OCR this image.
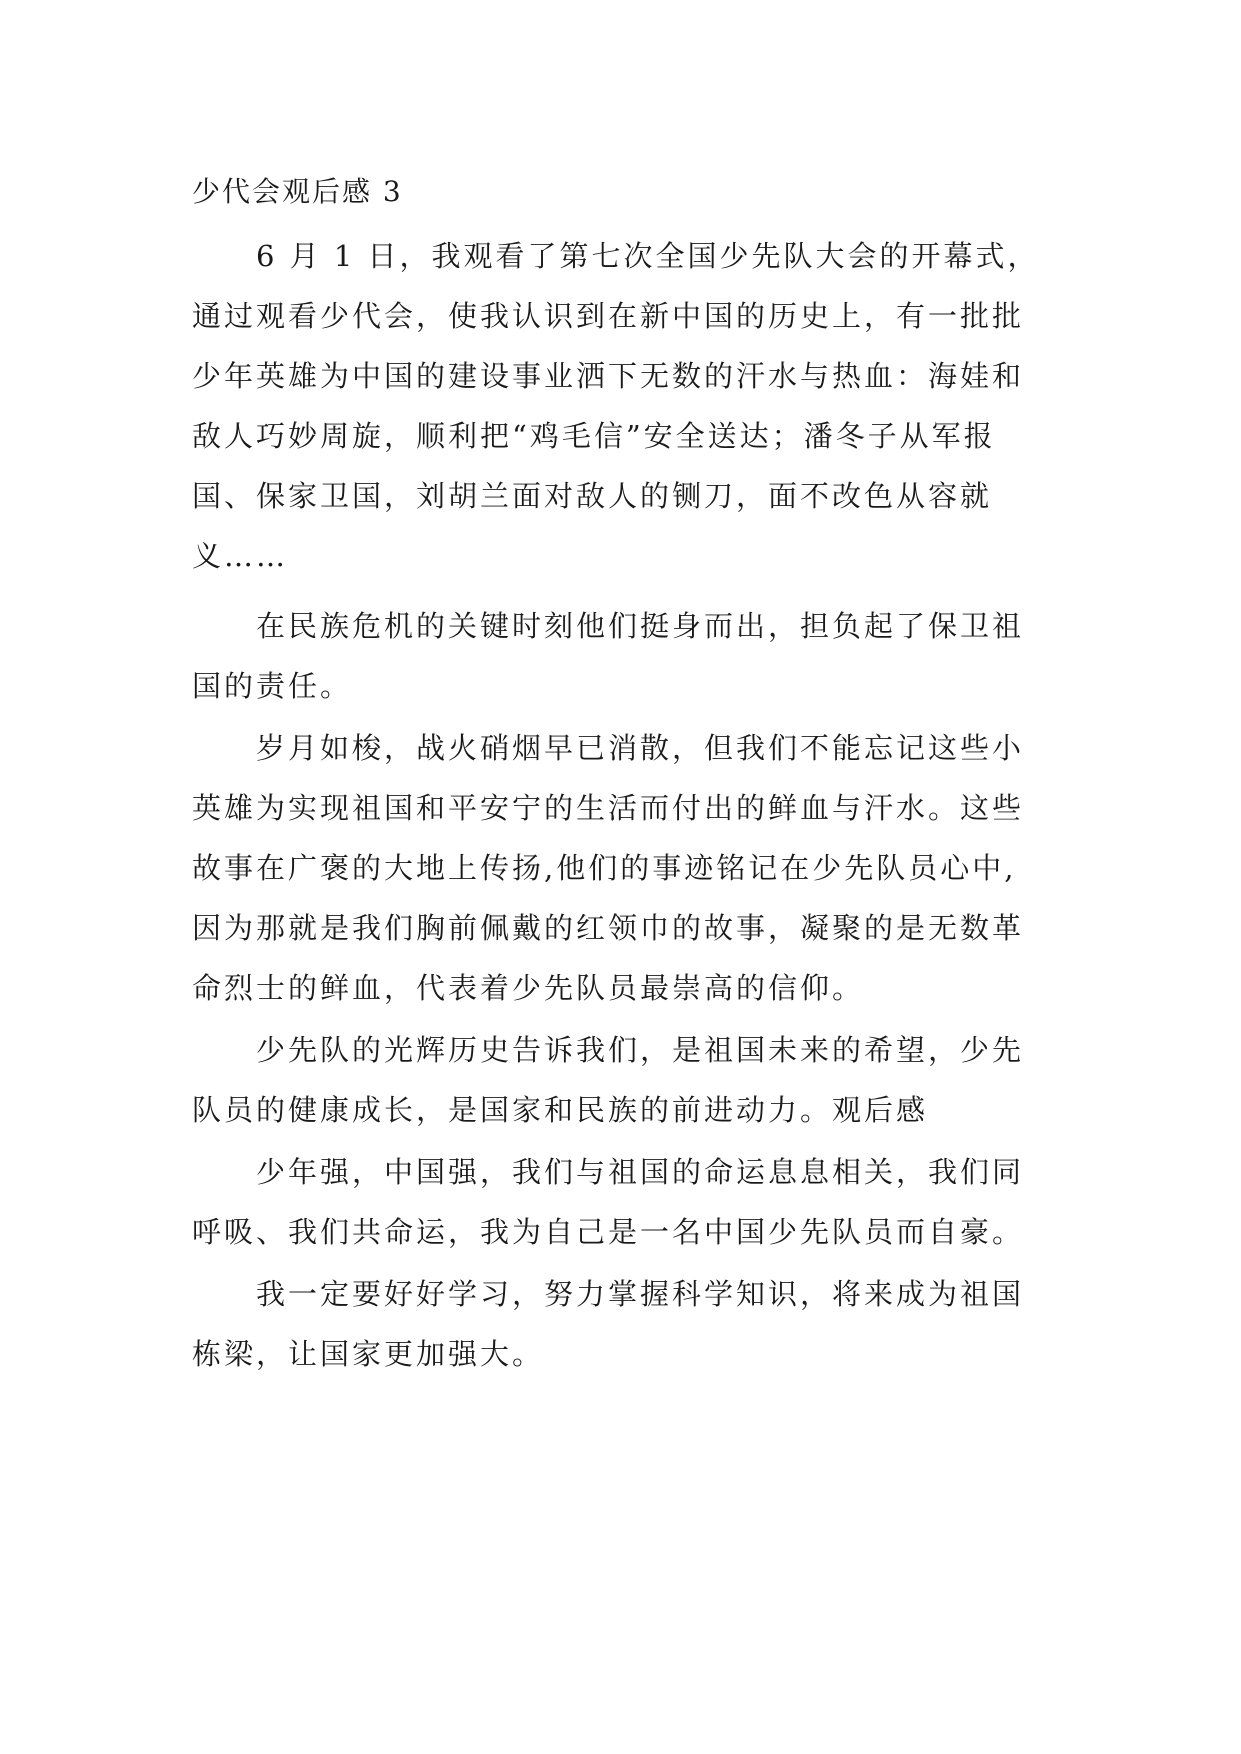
少代会观后感 3
6 月 1 日，我观看了第七次全国少先队大会的开幕式，
通过观看少代会，使我认识到在新中国的历史上，有一批批
少年英雄为中国的建设事业洒下无数的汗水与热血：海娃和
敌人巧妙周旋，顺利把“鸡毛信”安全送达；潘冬子从军报
国、保家卫国，刘胡兰面对敌人的铡刀，面不改色从容就
义……
在民族危机的关键时刻他们挺身而出，担负起了保卫祖
国的责任。
岁月如梭，战火硝烟早已消散，但我们不能忘记这些小
英雄为实现祖国和平安宁的生活而付出的鲜血与汗水。这些
故事在广褒的大地上传扬,他们的事迹铭记在少先队员心中,
因为那就是我们胸前佩戴的红领巾的故事，凝聚的是无数革
命烈士的鲜血，代表着少先队员最崇高的信仰。
少先队的光辉历史告诉我们，是祖国未来的希望，少先
队员的健康成长，是国家和民族的前进动力。观后感
少年强，中国强，我们与祖国的命运息息相关，我们同
呼吸、我们共命运，我为自己是一名中国少先队员而自豪。
我一定要好好学习，努力掌握科学知识，将来成为祖国
栋梁，让国家更加强大。
